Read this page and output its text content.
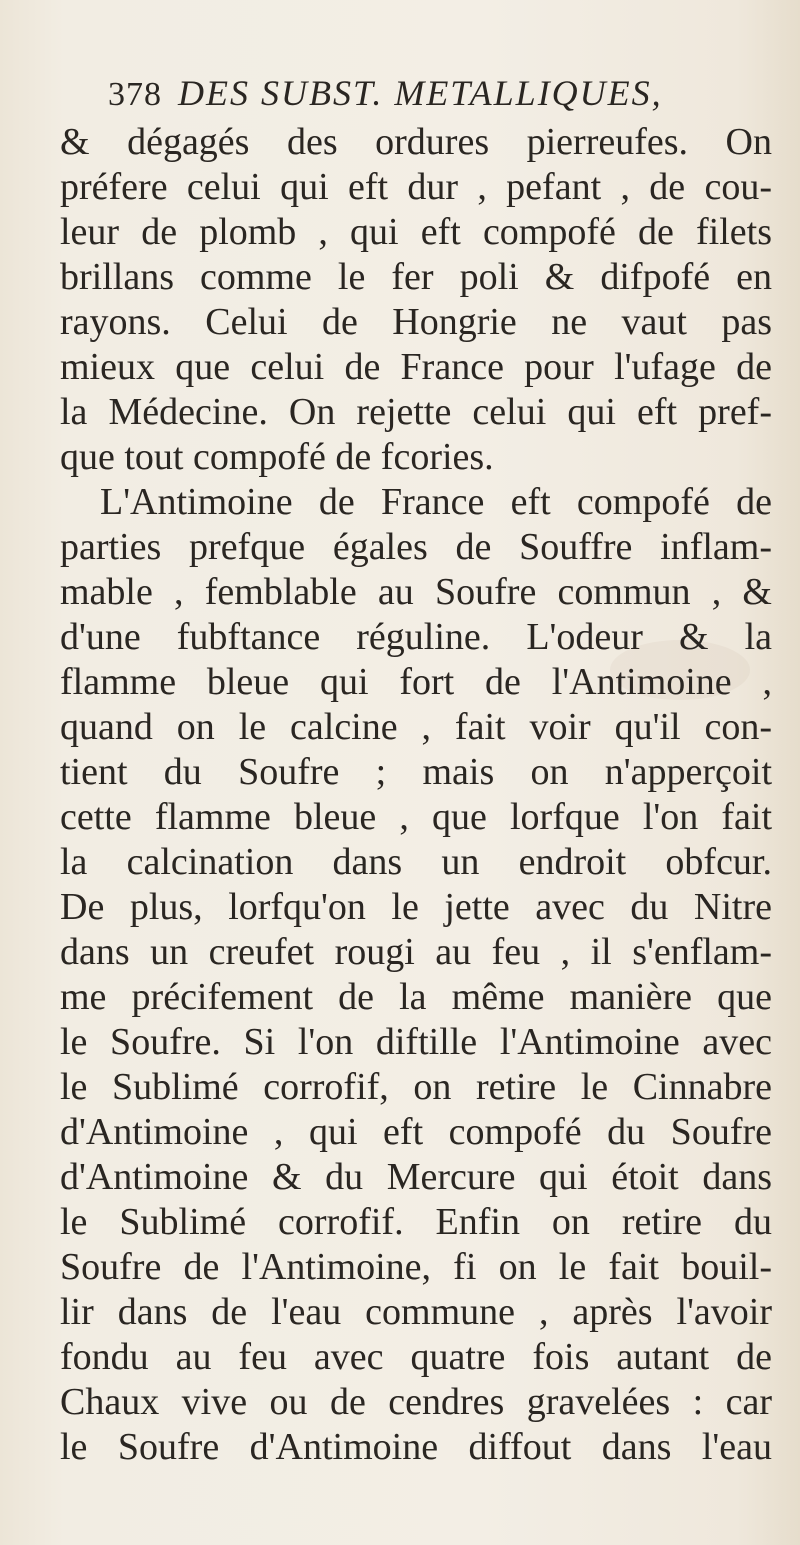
378 DES SUBST. METALLIQUES,
& dégagés des ordures pierreufes. On
préfere celui qui eft dur , pefant , de cou-
leur de plomb , qui eft compofé de filets
brillans comme le fer poli & difpofé en
rayons. Celui de Hongrie ne vaut pas
mieux que celui de France pour l'ufage de
la Médecine. On rejette celui qui eft pref-
que tout compofé de fcories.
L'Antimoine de France eft compofé de
parties prefque égales de Souffre inflam-
mable , femblable au Soufre commun , &
d'une fubftance réguline. L'odeur & la
flamme bleue qui fort de l'Antimoine ,
quand on le calcine , fait voir qu'il con-
tient du Soufre ; mais on n'apperçoit
cette flamme bleue , que lorfque l'on fait
la calcination dans un endroit obfcur.
De plus, lorfqu'on le jette avec du Nitre
dans un creufet rougi au feu , il s'enflam-
me précifement de la même manière que
le Soufre. Si l'on diftille l'Antimoine avec
le Sublimé corrofif, on retire le Cinnabre
d'Antimoine , qui eft compofé du Soufre
d'Antimoine & du Mercure qui étoit dans
le Sublimé corrofif. Enfin on retire du
Soufre de l'Antimoine, fi on le fait bouil-
lir dans de l'eau commune , après l'avoir
fondu au feu avec quatre fois autant de
Chaux vive ou de cendres gravelées : car
le Soufre d'Antimoine diffout dans l'eau
